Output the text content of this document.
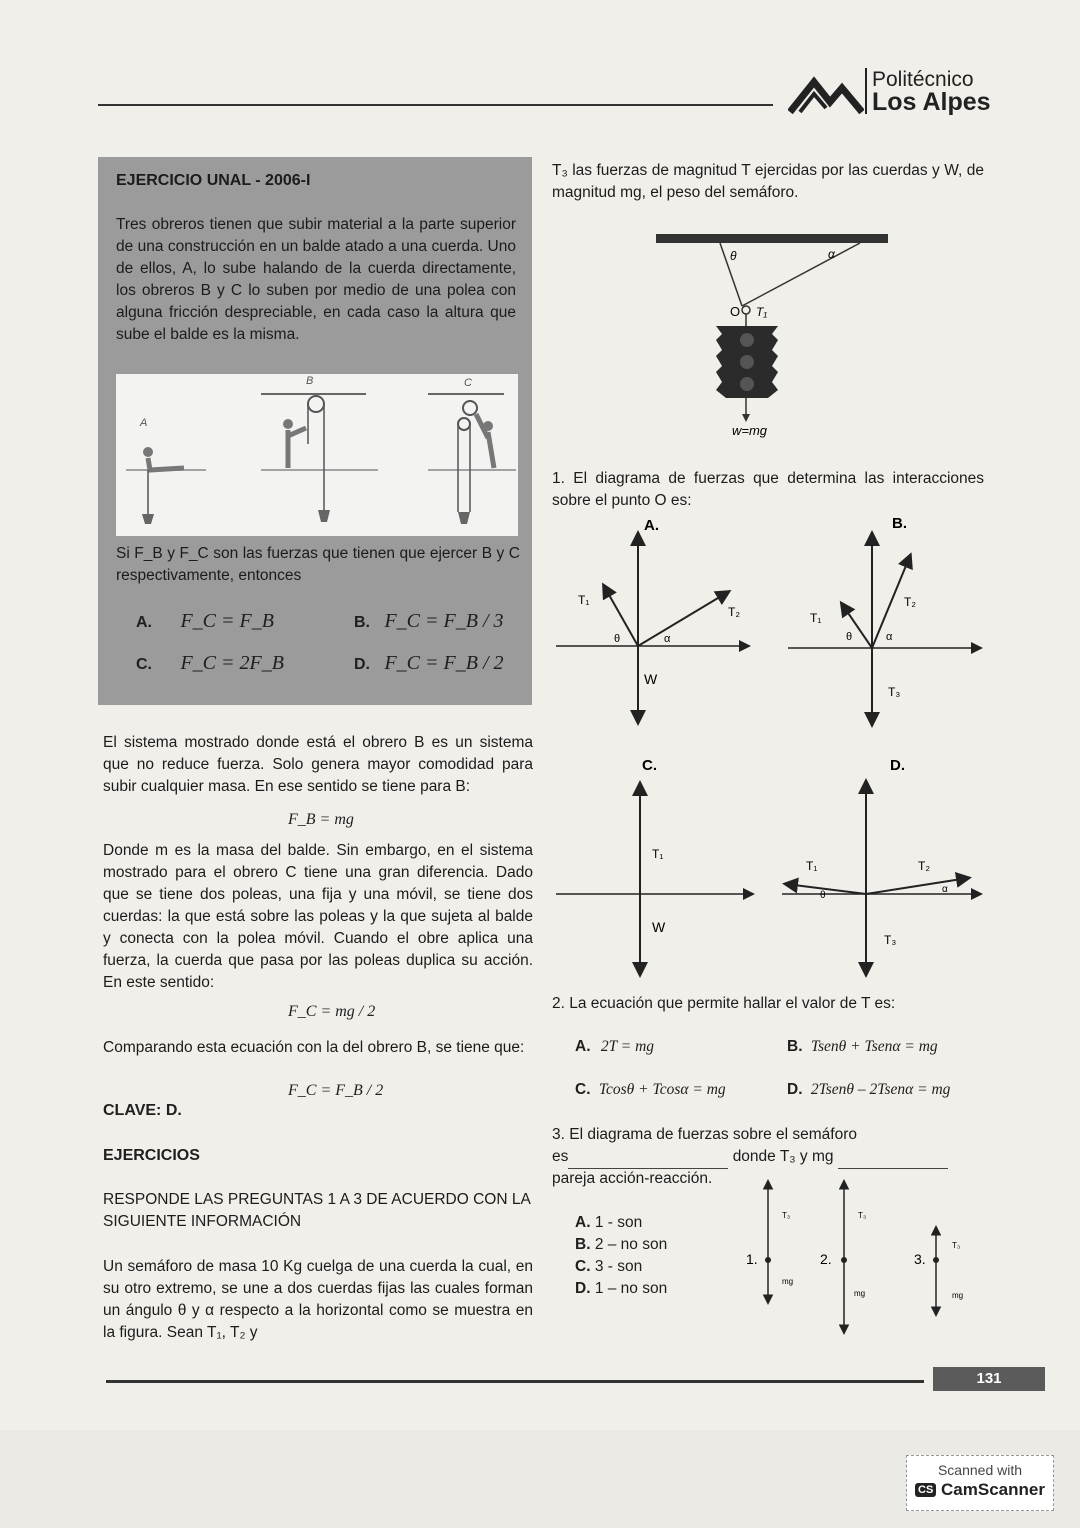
Politécnico
Los Alpes
EJERCICIO UNAL - 2006-I
Tres obreros tienen que subir material a la parte superior de una construcción en un balde atado a una cuerda. Uno de ellos, A, lo sube halando de la cuerda directamente, los obreros B y C lo suben por medio de una polea con alguna fricción despreciable, en cada caso la altura que sube el balde es la misma.
A
B	C
Si F_B y F_C son las fuerzas que tienen que ejercer B y C respectivamente, entonces
A. F_C = F_B	B. F_C = F_B / 3
C. F_C = 2F_B	D. F_C = F_B / 2
El sistema mostrado donde está el obrero B es un sistema que no reduce fuerza. Solo genera mayor comodidad para subir cualquier masa. En ese sentido se tiene para B:
F_B = mg
Donde m es la masa del balde. Sin embargo, en el sistema mostrado para el obrero C tiene una gran diferencia. Dado que se tiene dos poleas, una fija y una móvil, se tiene dos cuerdas: la que está sobre las poleas y la que sujeta al balde y conecta con la polea móvil. Cuando el obre aplica una fuerza, la cuerda que pasa por las poleas duplica su acción. En este sentido:
F_C = mg / 2
Comparando esta ecuación con la del obrero B, se tiene que:
F_C = F_B / 2
CLAVE: D.
EJERCICIOS
RESPONDE LAS PREGUNTAS 1 A 3 DE ACUERDO CON LA SIGUIENTE INFORMACIÓN
Un semáforo de masa 10 Kg cuelga de una cuerda la cual, en su otro extremo, se une a dos cuerdas fijas las cuales forman un ángulo θ y α respecto a la horizontal como se muestra en la figura. Sean T₁, T₂ y
T₃ las fuerzas de magnitud T ejercidas por las cuerdas y W, de magnitud mg, el peso del semáforo.
θ	α
O T₁
w=mg
1. El diagrama de fuerzas que determina las interacciones sobre el punto O es:
A.
T₁
T₂
θ	α
W
B.
T₁
T₂
θ	α
T₃
C.
T₁
W
D.
T₁	T₂
θ
α
T₃
2. La ecuación que permite hallar el valor de T es:
A. 2T = mg	B. Tsenθ + Tsenα = mg
C. Tcosθ + Tcosα = mg	D. 2Tsenθ – 2Tsenα = mg
3. El diagrama de fuerzas sobre el semáforo
es	donde T₃ y mg
pareja acción-reacción.
A. 1 - son
B. 2 – no son
C. 3 - son
D. 1 – no son
1.
T₃
mg
2.
T₃
mg
3.
T₃
mg
131
Scanned with
CS CamScanner
